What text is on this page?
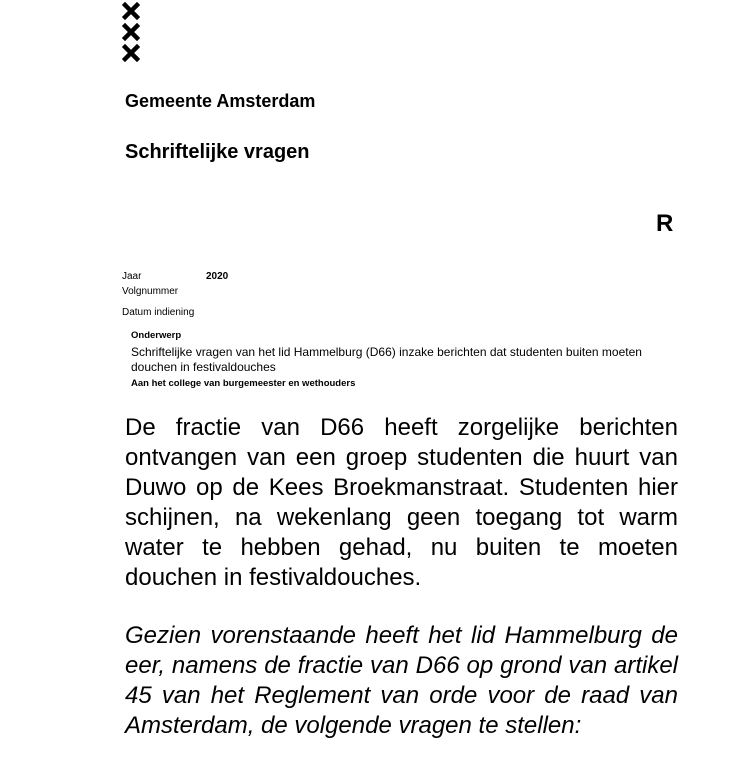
Gemeente Amsterdam
Schriftelijke vragen
R
Jaar	2020
Volgnummer
Datum indiening
Onderwerp
Schriftelijke vragen van het lid Hammelburg (D66) inzake berichten dat studenten buiten moeten douchen in festivaldouches
Aan het college van burgemeester en wethouders

De fractie van D66 heeft zorgelijke berichten ontvangen van een groep studenten die huurt van Duwo op de Kees Broekmanstraat. Studenten hier schijnen, na wekenlang geen toegang tot warm water te hebben gehad, nu buiten te moeten douchen in festivaldouches.

Gezien vorenstaande heeft het lid Hammelburg de eer, namens de fractie van D66 op grond van artikel 45 van het Reglement van orde voor de raad van Amsterdam, de volgende vragen te stellen:
